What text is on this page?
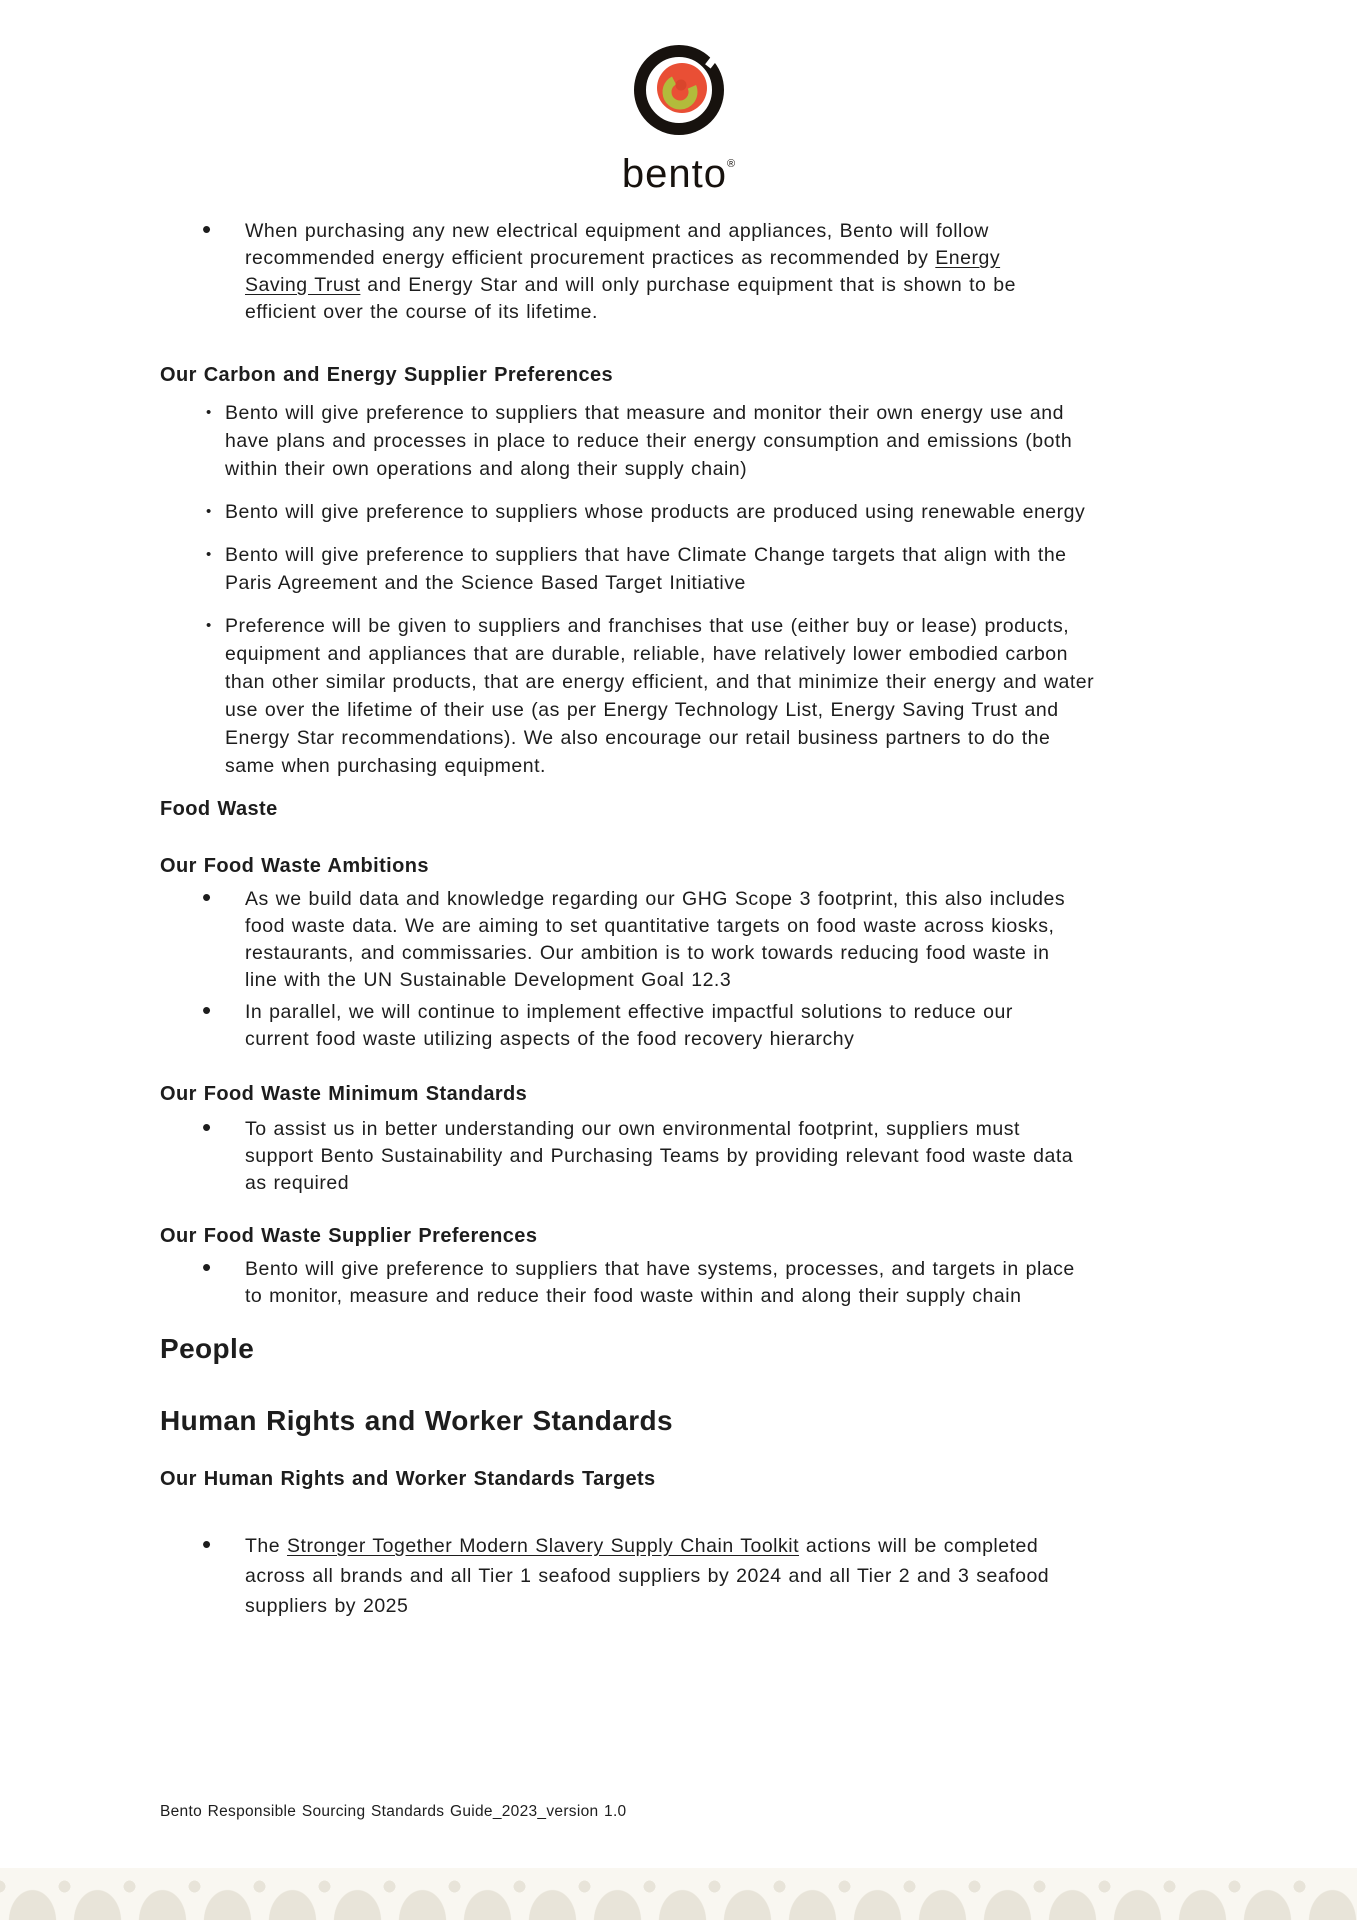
bento®
• When purchasing any new electrical equipment and appliances, Bento will follow recommended energy efficient procurement practices as recommended by Energy Saving Trust and Energy Star and will only purchase equipment that is shown to be efficient over the course of its lifetime.
Our Carbon and Energy Supplier Preferences
• Bento will give preference to suppliers that measure and monitor their own energy use and have plans and processes in place to reduce their energy consumption and emissions (both within their own operations and along their supply chain)
• Bento will give preference to suppliers whose products are produced using renewable energy
• Bento will give preference to suppliers that have Climate Change targets that align with the Paris Agreement and the Science Based Target Initiative
• Preference will be given to suppliers and franchises that use (either buy or lease) products, equipment and appliances that are durable, reliable, have relatively lower embodied carbon than other similar products, that are energy efficient, and that minimize their energy and water use over the lifetime of their use (as per Energy Technology List, Energy Saving Trust and Energy Star recommendations). We also encourage our retail business partners to do the same when purchasing equipment.
Food Waste
Our Food Waste Ambitions
• As we build data and knowledge regarding our GHG Scope 3 footprint, this also includes food waste data. We are aiming to set quantitative targets on food waste across kiosks, restaurants, and commissaries. Our ambition is to work towards reducing food waste in line with the UN Sustainable Development Goal 12.3
• In parallel, we will continue to implement effective impactful solutions to reduce our current food waste utilizing aspects of the food recovery hierarchy
Our Food Waste Minimum Standards
• To assist us in better understanding our own environmental footprint, suppliers must support Bento Sustainability and Purchasing Teams by providing relevant food waste data as required
Our Food Waste Supplier Preferences
• Bento will give preference to suppliers that have systems, processes, and targets in place to monitor, measure and reduce their food waste within and along their supply chain
People
Human Rights and Worker Standards
Our Human Rights and Worker Standards Targets
• The Stronger Together Modern Slavery Supply Chain Toolkit actions will be completed across all brands and all Tier 1 seafood suppliers by 2024 and all Tier 2 and 3 seafood suppliers by 2025
Bento Responsible Sourcing Standards Guide_2023_version 1.0
